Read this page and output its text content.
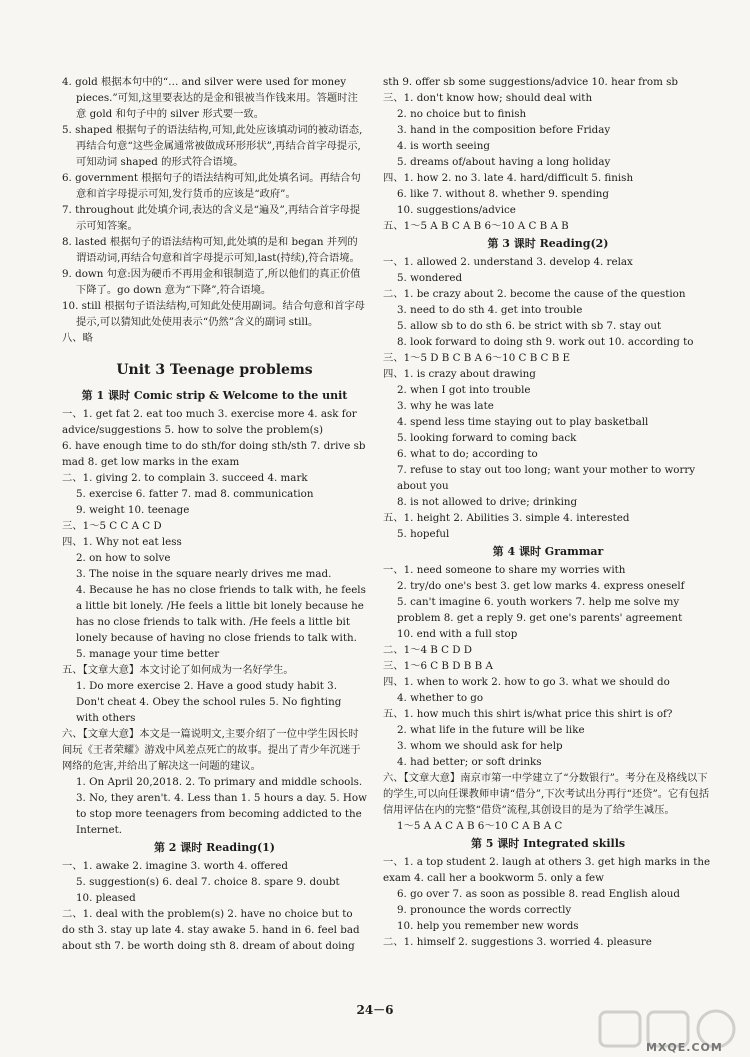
4. gold 根据本句中的“… and silver were used for money pieces.”可知,这里要表达的是金和银被当作钱来用。答题时注意 gold 和句子中的 silver 形式要一致。

5. shaped 根据句子的语法结构,可知,此处应该填动词的被动语态,再结合句意“这些金属通常被做成环形形状”,再结合首字母提示,可知动词 shaped 的形式符合语境。

6. government 根据句子的语法结构可知,此处填名词。再结合句意和首字母提示可知,发行货币的应该是“政府”。

7. throughout 此处填介词,表达的含义是“遍及”,再结合首字母提示可知答案。

8. lasted 根据句子的语法结构可知,此处填的是和 began 并列的谓语动词,再结合句意和首字母提示可知,last(持续),符合语境。

9. down 句意:因为硬币不再用金和银制造了,所以他们的真正价值下降了。go down 意为“下降”,符合语境。

10. still 根据句子语法结构,可知此处使用副词。结合句意和首字母提示,可以猜知此处使用表示“仍然”含义的副词 still。

八、略

Unit 3 Teenage problems
第 1 课时 Comic strip & Welcome to the unit

一、1. get fat 2. eat too much 3. exercise more 4. ask for advice/suggestions 5. how to solve the problem(s)

6. have enough time to do sth/for doing sth/sth 7. drive sb mad 8. get low marks in the exam

二、1. giving 2. to complain 3. succeed 4. mark

5. exercise 6. fatter 7. mad 8. communication

9. weight 10. teenage

三、1～5 C C A C D

四、1. Why not eat less

2. on how to solve

3. The noise in the square nearly drives me mad.

4. Because he has no close friends to talk with, he feels a little bit lonely. /He feels a little bit lonely because he has no close friends to talk with. /He feels a little bit lonely because of having no close friends to talk with.

5. manage your time better

五、【文章大意】本文讨论了如何成为一名好学生。

1. Do more exercise 2. Have a good study habit 3. Don't cheat 4. Obey the school rules 5. No fighting with others

六、【文章大意】本文是一篇说明文,主要介绍了一位中学生因长时间玩《王者荣耀》游戏中风差点死亡的故事。提出了青少年沉迷于网络的危害,并给出了解决这一问题的建议。

1. On April 20,2018. 2. To primary and middle schools.

3. No, they aren't. 4. Less than 1. 5 hours a day. 5. How to stop more teenagers from becoming addicted to the Internet.

第 2 课时 Reading(1)

一、1. awake 2. imagine 3. worth 4. offered

5. suggestion(s) 6. deal 7. choice 8. spare 9. doubt

10. pleased

二、1. deal with the problem(s) 2. have no choice but to do sth 3. stay up late 4. stay awake 5. hand in 6. feel bad about sth 7. be worth doing sth 8. dream of about doing

sth 9. offer sb some suggestions/advice 10. hear from sb

三、1. don't know how; should deal with

2. no choice but to finish

3. hand in the composition before Friday

4. is worth seeing

5. dreams of/about having a long holiday

四、1. how 2. no 3. late 4. hard/difficult 5. finish

6. like 7. without 8. whether 9. spending

10. suggestions/advice

五、1～5 A B C A B 6～10 A C B A B

第 3 课时 Reading(2)

一、1. allowed 2. understand 3. develop 4. relax

5. wondered

二、1. be crazy about 2. become the cause of the question

3. need to do sth 4. get into trouble

5. allow sb to do sth 6. be strict with sb 7. stay out

8. look forward to doing sth 9. work out 10. according to

三、1～5 D B C B A 6～10 C B C B E

四、1. is crazy about drawing

2. when I got into trouble

3. why he was late

4. spend less time staying out to play basketball

5. looking forward to coming back

6. what to do; according to

7. refuse to stay out too long; want your mother to worry about you

8. is not allowed to drive; drinking

五、1. height 2. Abilities 3. simple 4. interested

5. hopeful

第 4 课时 Grammar

一、1. need someone to share my worries with

2. try/do one's best 3. get low marks 4. express oneself

5. can't imagine 6. youth workers 7. help me solve my problem 8. get a reply 9. get one's parents' agreement

10. end with a full stop

二、1～4 B C D D

三、1～6 C B D B B A

四、1. when to work 2. how to go 3. what we should do

4. whether to go

五、1. how much this shirt is/what price this shirt is of?

2. what life in the future will be like

3. whom we should ask for help

4. had better; or soft drinks

六、【文章大意】南京市第一中学建立了“分数银行”。考分在及格线以下的学生,可以向任课教师申请“借分”,下次考试出分再行“还贷”。它有包括信用评估在内的完整“借贷”流程,其创设目的是为了给学生减压。

1～5 A A C A B 6～10 C A B A C

第 5 课时 Integrated skills

一、1. a top student 2. laugh at others 3. get high marks in the exam 4. call her a bookworm 5. only a few

6. go over 7. as soon as possible 8. read English aloud

9. pronounce the words correctly

10. help you remember new words

二、1. himself 2. suggestions 3. worried 4. pleasure

24－6
MXQE.COM
